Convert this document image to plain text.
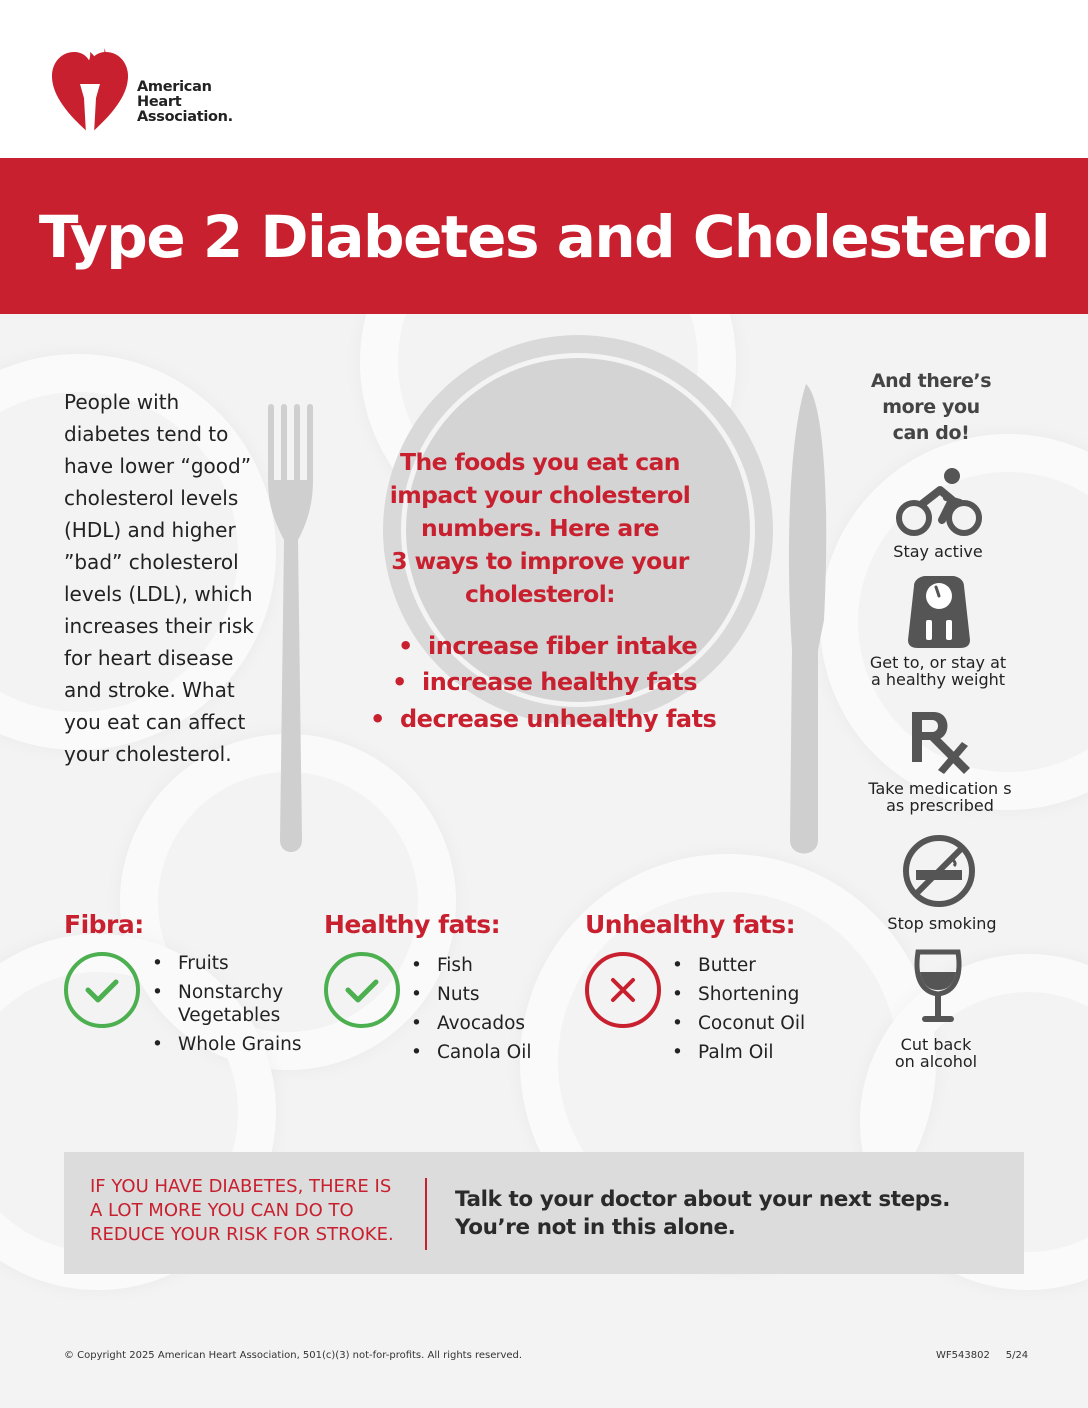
American
Heart
Association.
Type 2 Diabetes and Cholesterol
People with diabetes tend to have lower “good” cholesterol levels (HDL) and higher ”bad” cholesterol levels (LDL), which increases their risk for heart disease and stroke. What you eat can affect your cholesterol.
The foods you eat can
impact your cholesterol
numbers. Here are
3 ways to improve your
cholesterol:
• increase fiber intake
• increase healthy fats
• decrease unhealthy fats
And there’s
more you
can do!
Stay active
Get to, or stay at
a healthy weight
Take medication s
as prescribed
Stop smoking
Cut back
on alcohol
Fibra:
• Fruits
• Nonstarchy Vegetables
• Whole Grains
Healthy fats:
• Fish
• Nuts
• Avocados
• Canola Oil
Unhealthy fats:
• Butter
• Shortening
• Coconut Oil
• Palm Oil
IF YOU HAVE DIABETES, THERE IS
A LOT MORE YOU CAN DO TO
REDUCE YOUR RISK FOR STROKE.
Talk to your doctor about your next steps.
You’re not in this alone.
© Copyright 2025 American Heart Association, 501(c)(3) not-for-profits. All rights reserved.	WF543802     5/24
